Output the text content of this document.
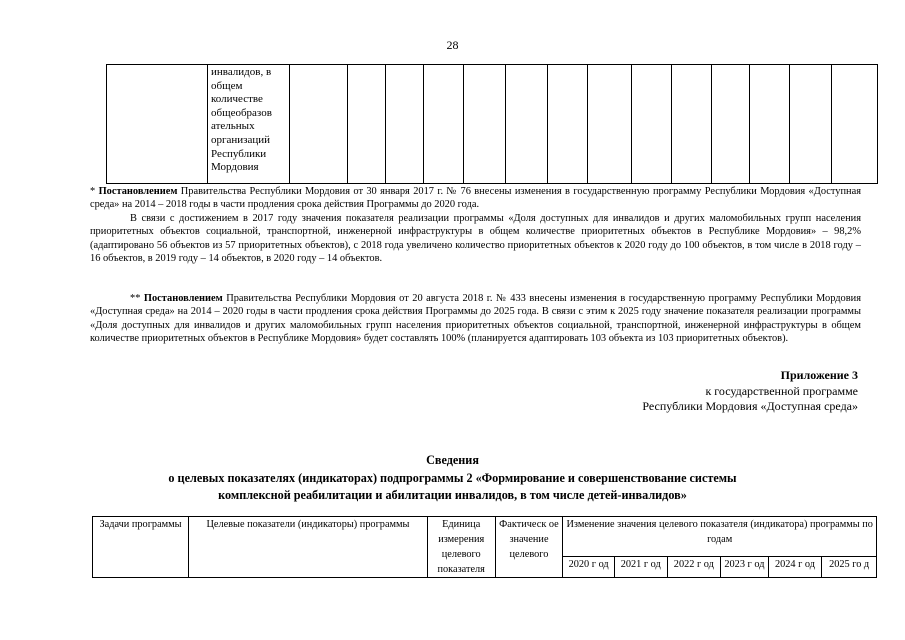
28
	инвалидов, в общем количестве общеобразов ательных организаций Республики Мордовия														

* Постановлением Правительства Республики Мордовия от 30 января 2017 г. № 76 внесены изменения в государственную программу Республики Мордовия «Доступная среда» на 2014 – 2018 годы в части продления срока действия Программы до 2020 года.

В связи с достижением в 2017 году значения показателя реализации программы «Доля доступных для инвалидов и других маломобильных групп населения приоритетных объектов социальной, транспортной, инженерной инфраструктуры в общем количестве приоритетных объектов в Республике Мордовия» – 98,2% (адаптировано 56 объектов из 57 приоритетных объектов), с 2018 года увеличено количество приоритетных объектов к 2020 году до 100 объектов, в том числе в 2018 году – 16 объектов, в 2019 году – 14 объектов, в 2020 году – 14 объектов.

** Постановлением Правительства Республики Мордовия от 20 августа 2018 г. № 433 внесены изменения в государственную программу Республики Мордовия «Доступная среда» на 2014 – 2020 годы в части продления срока действия Программы до 2025 года. В связи с этим к 2025 году значение показателя реализации программы «Доля доступных для инвалидов и других маломобильных групп населения приоритетных объектов социальной, транспортной, инженерной инфраструктуры в общем количестве приоритетных объектов в Республике Мордовия» будет составлять 100% (планируется адаптировать 103 объекта из 103 приоритетных объектов).

Приложение 3
к государственной программе
Республики Мордовия «Доступная среда»
Сведения
о целевых показателях (индикаторах) подпрограммы 2 «Формирование и совершенствование системы
комплексной реабилитации и абилитации инвалидов, в том числе детей-инвалидов»
Задачи программы	Целевые показатели (индикаторы) программы	Единица измерения целевого показателя	Фактическ ое значение целевого	Изменение значения целевого показателя (индикатора) программы по годам					
				2020 г од	2021 г од	2022 г од	2023 г од	2024 г од	2025 го д
